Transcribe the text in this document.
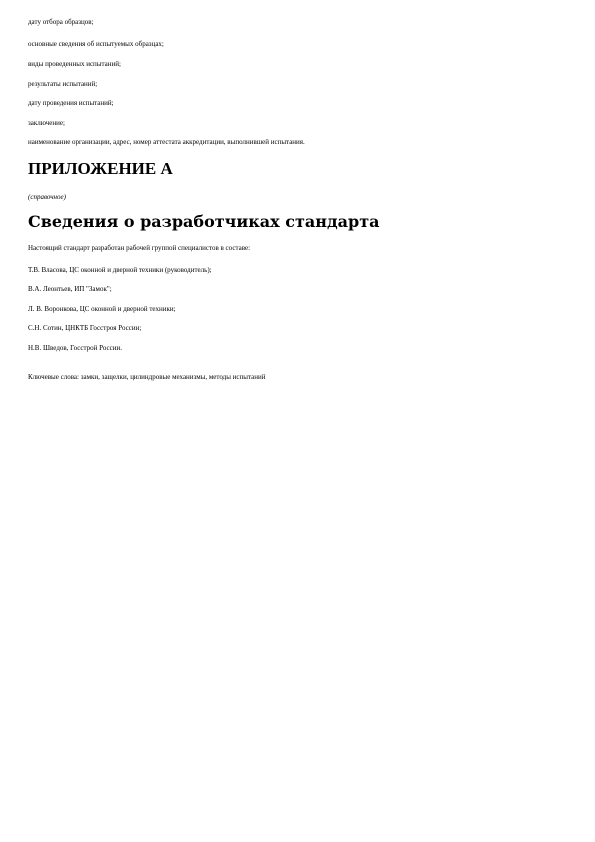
дату отбора образцов;
основные сведения об испытуемых образцах;
виды проведенных испытаний;
результаты испытаний;
дату проведения испытаний;
заключение;
наименование организации, адрес, номер аттестата аккредитации, выполнившей испытания.
ПРИЛОЖЕНИЕ А
(справочное)
Сведения о разработчиках стандарта
Настоящий стандарт разработан рабочей группой специалистов в составе:
Т.В. Власова, ЦС оконной и дверной техники (руководитель);
В.А. Леонтьев, ИП "Замок";
Л. В. Воронкова, ЦС оконной и дверной техники;
С.Н. Сотин, ЦНКТБ Госстроя России;
Н.В. Шведов, Госстрой России.
Ключевые слова: замки, защелки, цилиндровые механизмы, методы испытаний
